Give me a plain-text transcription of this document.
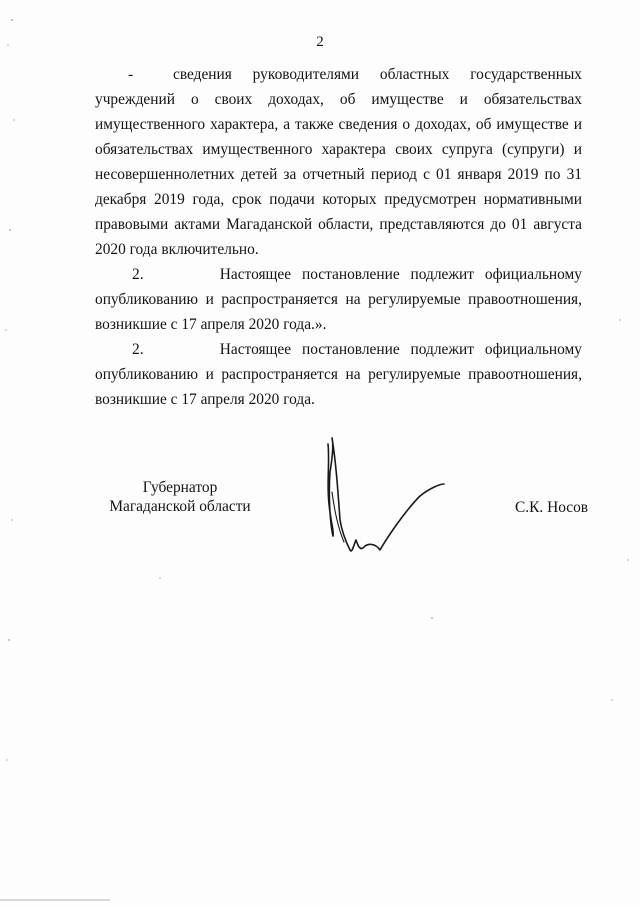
2

-	сведения руководителями областных государственных учреждений о своих доходах, об имуществе и обязательствах имущественного характера, а также сведения о доходах, об имуществе и обязательствах имущественного характера своих супруга (супруги) и несовершеннолетних детей за отчетный период с 01 января 2019 по 31 декабря 2019 года, срок подачи которых предусмотрен нормативными правовыми актами Магаданской области, представляются до 01 августа 2020 года включительно.

2.	Настоящее постановление подлежит официальному опубликованию и распространяется на регулируемые правоотношения, возникшие с 17 апреля 2020 года.».

2.	Настоящее постановление подлежит официальному опубликованию и распространяется на регулируемые правоотношения, возникшие с 17 апреля 2020 года.

Губернатор
Магаданской области	С.К. Носов
